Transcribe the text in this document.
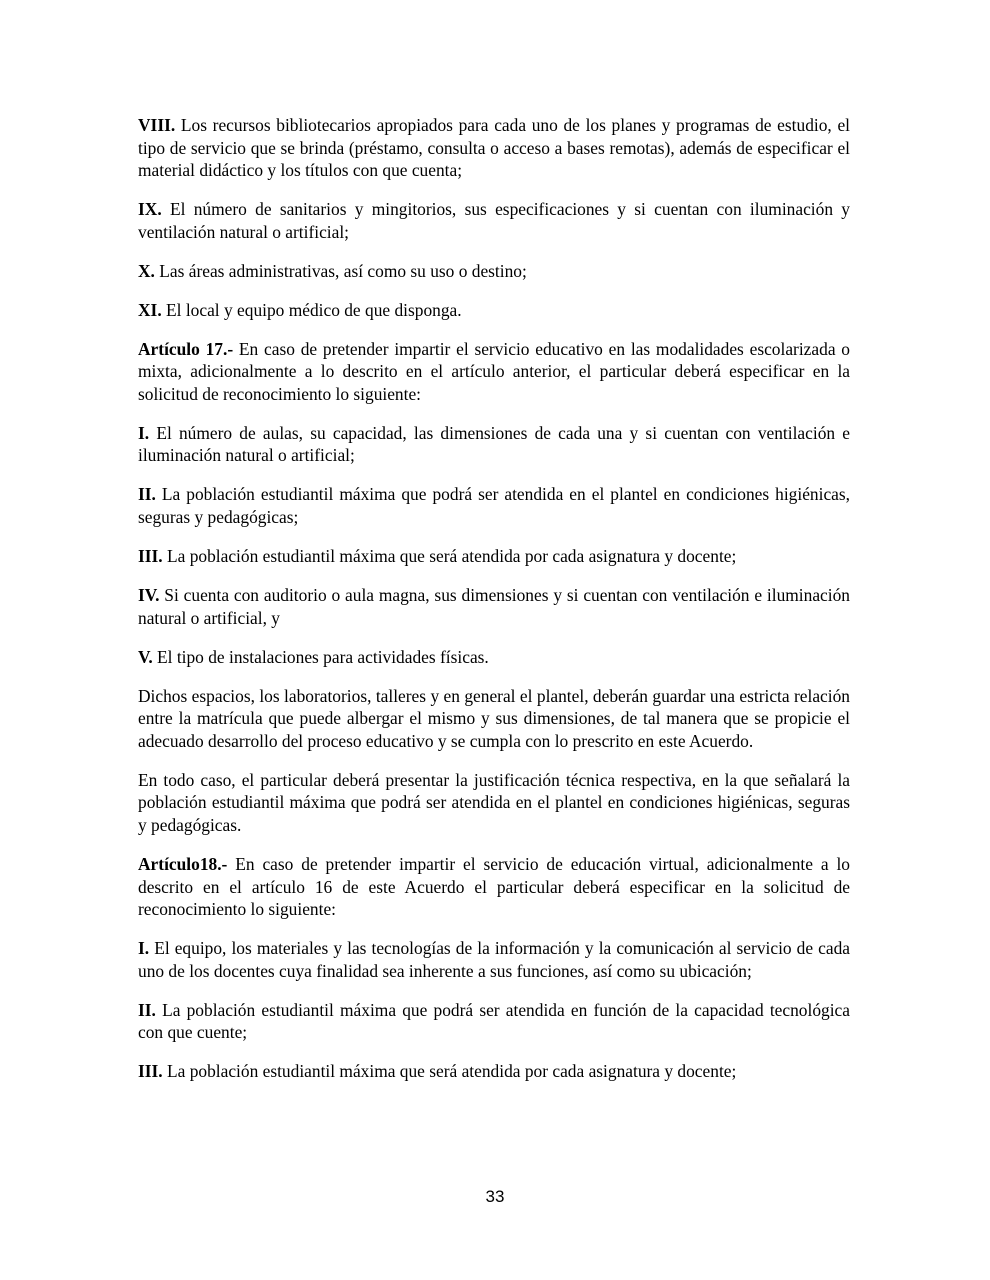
VIII. Los recursos bibliotecarios apropiados para cada uno de los planes y programas de estudio, el tipo de servicio que se brinda (préstamo, consulta o acceso a bases remotas), además de especificar el material didáctico y los títulos con que cuenta;

IX. El número de sanitarios y mingitorios, sus especificaciones y si cuentan con iluminación y ventilación natural o artificial;

X. Las áreas administrativas, así como su uso o destino;

XI. El local y equipo médico de que disponga.

Artículo 17.- En caso de pretender impartir el servicio educativo en las modalidades escolarizada o mixta, adicionalmente a lo descrito en el artículo anterior, el particular deberá especificar en la solicitud de reconocimiento lo siguiente:

I. El número de aulas, su capacidad, las dimensiones de cada una y si cuentan con ventilación e iluminación natural o artificial;

II. La población estudiantil máxima que podrá ser atendida en el plantel en condiciones higiénicas, seguras y pedagógicas;

III. La población estudiantil máxima que será atendida por cada asignatura y docente;

IV. Si cuenta con auditorio o aula magna, sus dimensiones y si cuentan con ventilación e iluminación natural o artificial, y

V. El tipo de instalaciones para actividades físicas.

Dichos espacios, los laboratorios, talleres y en general el plantel, deberán guardar una estricta relación entre la matrícula que puede albergar el mismo y sus dimensiones, de tal manera que se propicie el adecuado desarrollo del proceso educativo y se cumpla con lo prescrito en este Acuerdo.

En todo caso, el particular deberá presentar la justificación técnica respectiva, en la que señalará la población estudiantil máxima que podrá ser atendida en el plantel en condiciones higiénicas, seguras y pedagógicas.

Artículo18.- En caso de pretender impartir el servicio de educación virtual, adicionalmente a lo descrito en el artículo 16 de este Acuerdo el particular deberá especificar en la solicitud de reconocimiento lo siguiente:

I. El equipo, los materiales y las tecnologías de la información y la comunicación al servicio de cada uno de los docentes cuya finalidad sea inherente a sus funciones, así como su ubicación;

II. La población estudiantil máxima que podrá ser atendida en función de la capacidad tecnológica con que cuente;

III. La población estudiantil máxima que será atendida por cada asignatura y docente;

33
